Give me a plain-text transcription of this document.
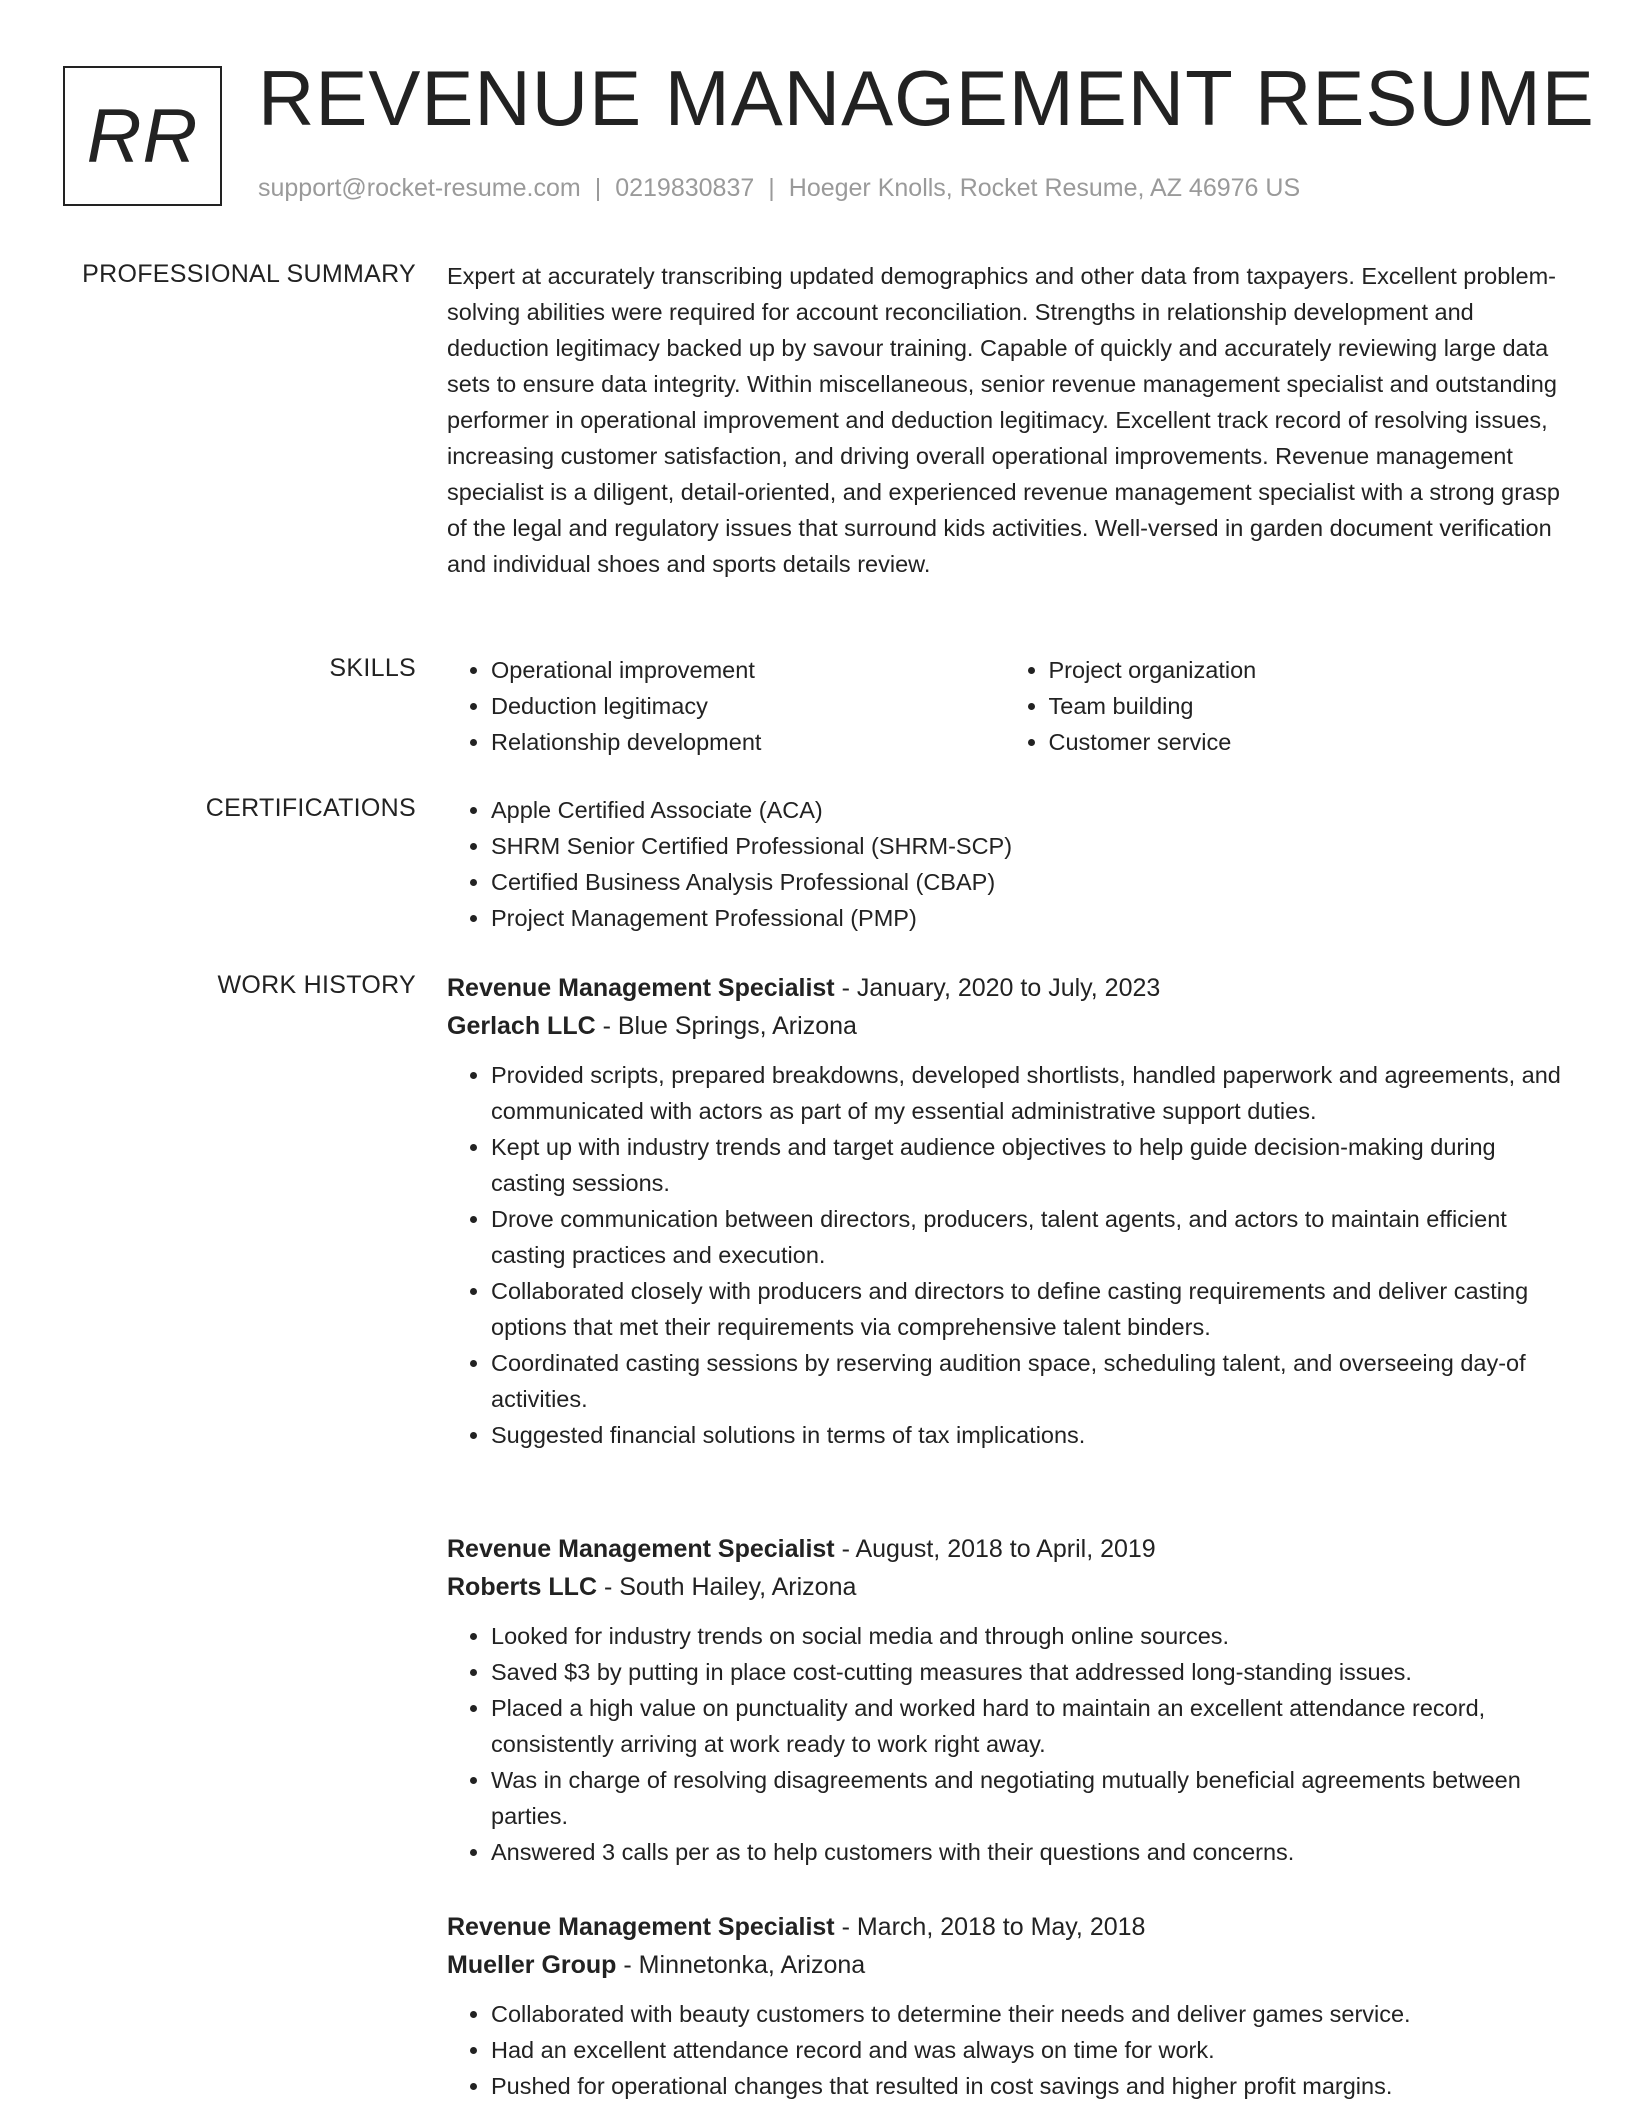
RR REVENUE MANAGEMENT RESUME
support@rocket-resume.com | 0219830837 | Hoeger Knolls, Rocket Resume, AZ 46976 US
PROFESSIONAL SUMMARY Expert at accurately transcribing updated demographics and other data from taxpayers. Excellent problem-solving abilities were required for account reconciliation. Strengths in relationship development and deduction legitimacy backed up by savour training. Capable of quickly and accurately reviewing large data sets to ensure data integrity. Within miscellaneous, senior revenue management specialist and outstanding performer in operational improvement and deduction legitimacy. Excellent track record of resolving issues, increasing customer satisfaction, and driving overall operational improvements. Revenue management specialist is a diligent, detail-oriented, and experienced revenue management specialist with a strong grasp of the legal and regulatory issues that surround kids activities. Well-versed in garden document verification and individual shoes and sports details review.

SKILLS	• Operational improvement
• Deduction legitimacy
• Relationship development
• Project organization
• Team building
• Customer service
CERTIFICATIONS	• Apple Certified Associate (ACA)
• SHRM Senior Certified Professional (SHRM-SCP)
• Certified Business Analysis Professional (CBAP)
• Project Management Professional (PMP)
WORK HISTORY Revenue Management Specialist - January, 2020 to July, 2023
Gerlach LLC - Blue Springs, Arizona
• Provided scripts, prepared breakdowns, developed shortlists, handled paperwork and agreements, and communicated with actors as part of my essential administrative support duties.
• Kept up with industry trends and target audience objectives to help guide decision-making during casting sessions.
• Drove communication between directors, producers, talent agents, and actors to maintain efficient casting practices and execution.
• Collaborated closely with producers and directors to define casting requirements and deliver casting options that met their requirements via comprehensive talent binders.
• Coordinated casting sessions by reserving audition space, scheduling talent, and overseeing day-of activities.
• Suggested financial solutions in terms of tax implications.
Revenue Management Specialist - August, 2018 to April, 2019
Roberts LLC - South Hailey, Arizona
• Looked for industry trends on social media and through online sources.
• Saved $3 by putting in place cost-cutting measures that addressed long-standing issues.
• Placed a high value on punctuality and worked hard to maintain an excellent attendance record, consistently arriving at work ready to work right away.
• Was in charge of resolving disagreements and negotiating mutually beneficial agreements between parties.
• Answered 3 calls per as to help customers with their questions and concerns.
Revenue Management Specialist - March, 2018 to May, 2018
Mueller Group - Minnetonka, Arizona
• Collaborated with beauty customers to determine their needs and deliver games service.
• Had an excellent attendance record and was always on time for work.
• Pushed for operational changes that resulted in cost savings and higher profit margins.
